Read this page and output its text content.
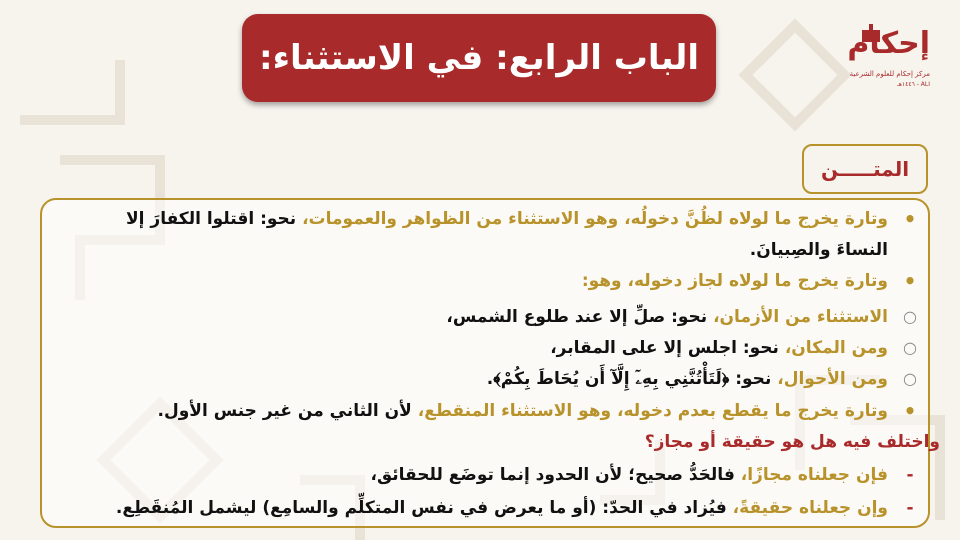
الباب الرابع: في الاستثناء:	إحكام
مركز إحكام للعلوم الشرعية
ALI - ١٤٤٦هـ
المتـــــن
وتارة يخرج ما لولاه لظُنَّ دخولُه، وهو الاستثناء من الظواهر والعمومات، نحو: اقتلوا الكفارَ إلا	•
النساءَ والصِبيانَ.
وتارة يخرج ما لولاه لجاز دخوله، وهو: •
الاستثناء من الأزمان، نحو: صلِّ إلا عند طلوع الشمس،	○
ومن المكان، نحو: اجلس إلا على المقابر،	○
ومن الأحوال، نحو: ﴿لَتَأْتُنَّنِي بِهِۦٓ إِلَّآ أَن يُحَاطَ بِكُمْ﴾.	○
وتارة يخرج ما يقطع بعدم دخوله، وهو الاستثناء المنقطع، لأن الثاني من غير جنس الأول.	•
واختلف فيه هل هو حقيقة أو مجاز؟
فإن جعلناه مجازًا، فالحَدُّ صحيح؛ لأن الحدود إنما توضَع للحقائق،	-
وإن جعلناه حقيقةً، فيُزاد في الحدّ: (أو ما يعرض في نفس المتكلِّم والسامِع) ليشمل المُنقَطِع.	-
